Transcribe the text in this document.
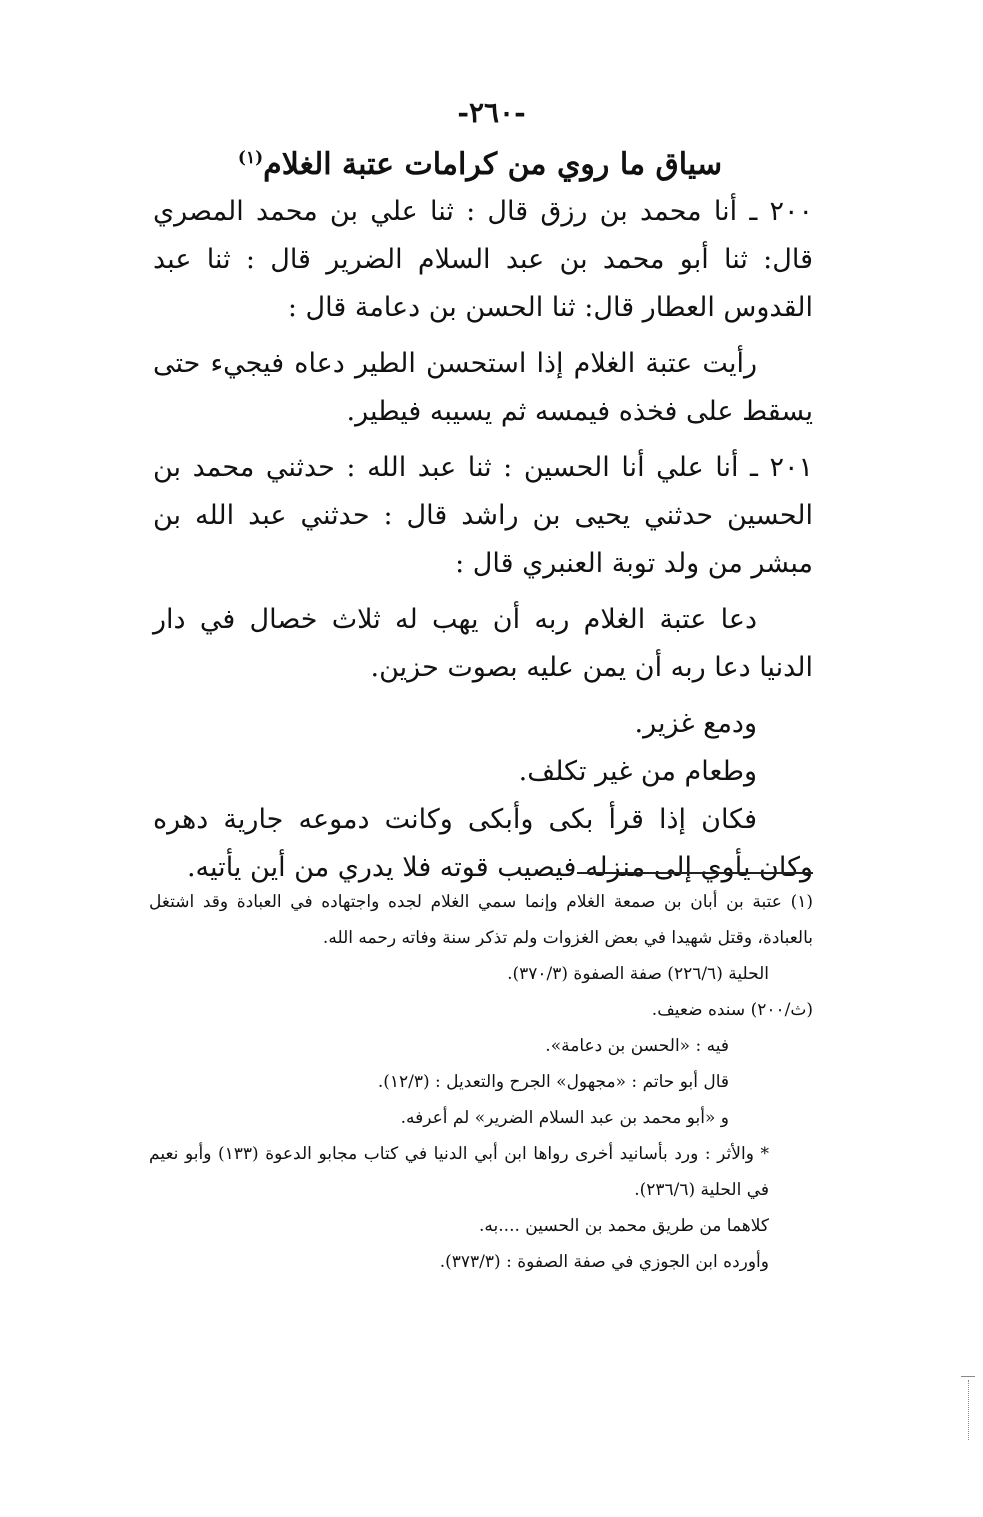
-٢٦٠-
سياق ما روي من كرامات عتبة الغلام$^{(١)}$

٢٠٠ ـ أنا محمد بن رزق قال : ثنا علي بن محمد المصري قال: ثنا أبو محمد بن عبد السلام الضرير قال : ثنا عبد القدوس العطار قال: ثنا الحسن بن دعامة قال :

رأيت عتبة الغلام إذا استحسن الطير دعاه فيجيء حتى يسقط على فخذه فيمسه ثم يسيبه فيطير.

٢٠١ ـ أنا علي أنا الحسين : ثنا عبد الله : حدثني محمد بن الحسين حدثني يحيى بن راشد قال : حدثني عبد الله بن مبشر من ولد توبة العنبري قال :

دعا عتبة الغلام ربه أن يهب له ثلاث خصال في دار الدنيا دعا ربه أن يمن عليه بصوت حزين.

ودمع غزير.

وطعام من غير تكلف.

فكان إذا قرأ بكى وأبكى وكانت دموعه جارية دهره وكان يأوي إلى منزله فيصيب قوته فلا يدري من أين يأتيه.

(١) عتبة بن أبان بن صمعة الغلام وإنما سمي الغلام لجده واجتهاده في العبادة وقد اشتغل بالعبادة، وقتل شهيدا في بعض الغزوات ولم تذكر سنة وفاته رحمه الله.

الحلية (٢٢٦/٦) صفة الصفوة (٣٧٠/٣).

(ث/٢٠٠) سنده ضعيف.

فيه : «الحسن بن دعامة».

قال أبو حاتم : «مجهول» الجرح والتعديل : (١٢/٣).

و «أبو محمد بن عبد السلام الضرير» لم أعرفه.

* والأثر : ورد بأسانيد أخرى رواها ابن أبي الدنيا في كتاب مجابو الدعوة (١٣٣) وأبو نعيم في الحلية (٢٣٦/٦).

كلاهما من طريق محمد بن الحسين ....به.

وأورده ابن الجوزي في صفة الصفوة : (٣٧٣/٣).
